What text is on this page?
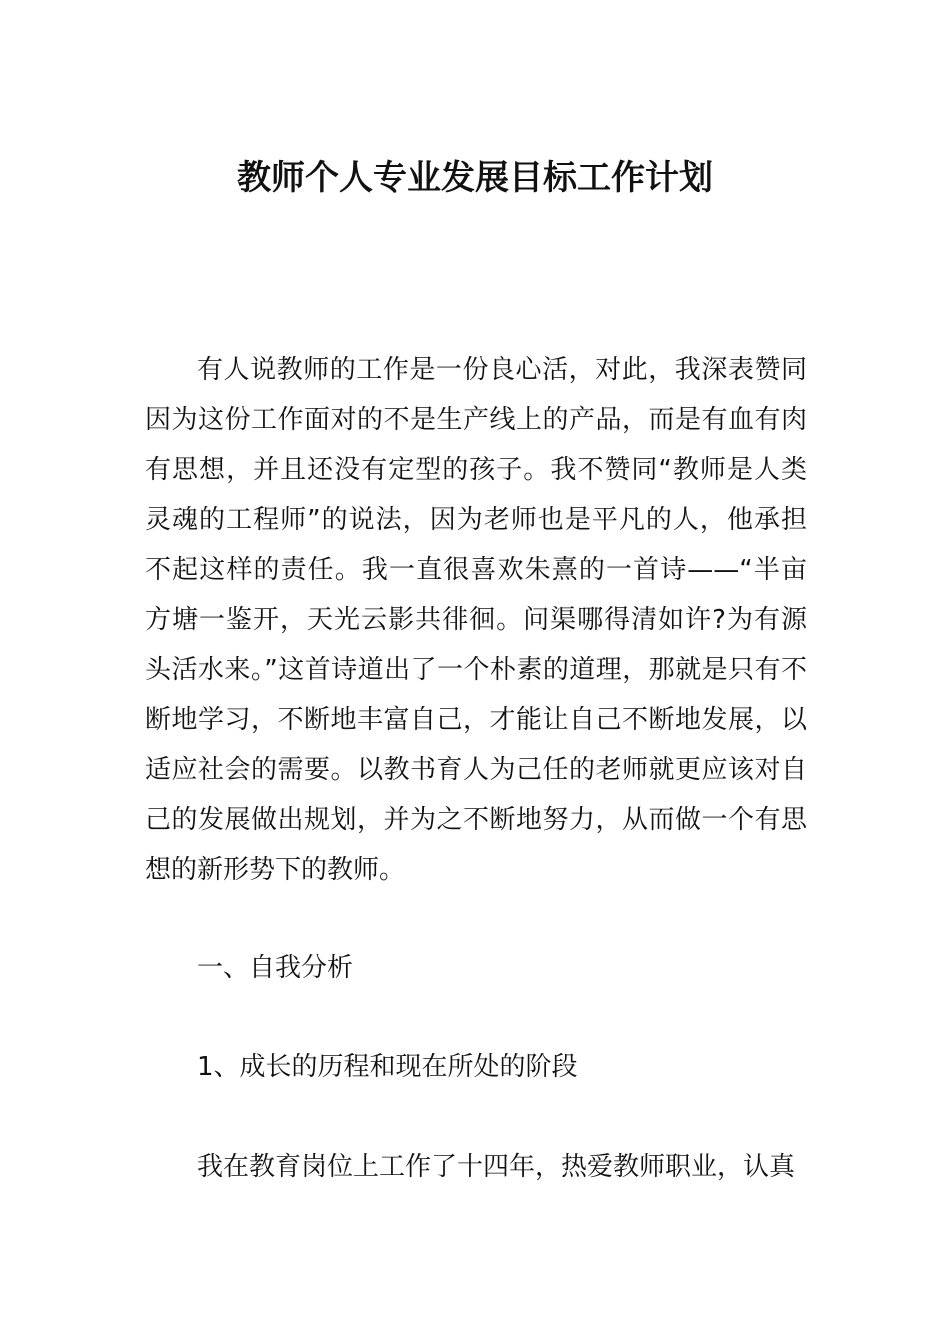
教师个人专业发展目标工作计划

有人说教师的工作是一份良心活，对此，我深表赞同因为这份工作面对的不是生产线上的产品，而是有血有肉有思想，并且还没有定型的孩子。我不赞同“教师是人类灵魂的工程师”的说法，因为老师也是平凡的人，他承担不起这样的责任。我一直很喜欢朱熹的一首诗——“半亩方塘一鉴开，天光云影共徘徊。问渠哪得清如许?为有源头活水来。”这首诗道出了一个朴素的道理，那就是只有不断地学习，不断地丰富自己，才能让自己不断地发展，以适应社会的需要。以教书育人为己任的老师就更应该对自己的发展做出规划，并为之不断地努力，从而做一个有思想的新形势下的教师。

一、自我分析

1、成长的历程和现在所处的阶段

我在教育岗位上工作了十四年，热爱教师职业，认真
